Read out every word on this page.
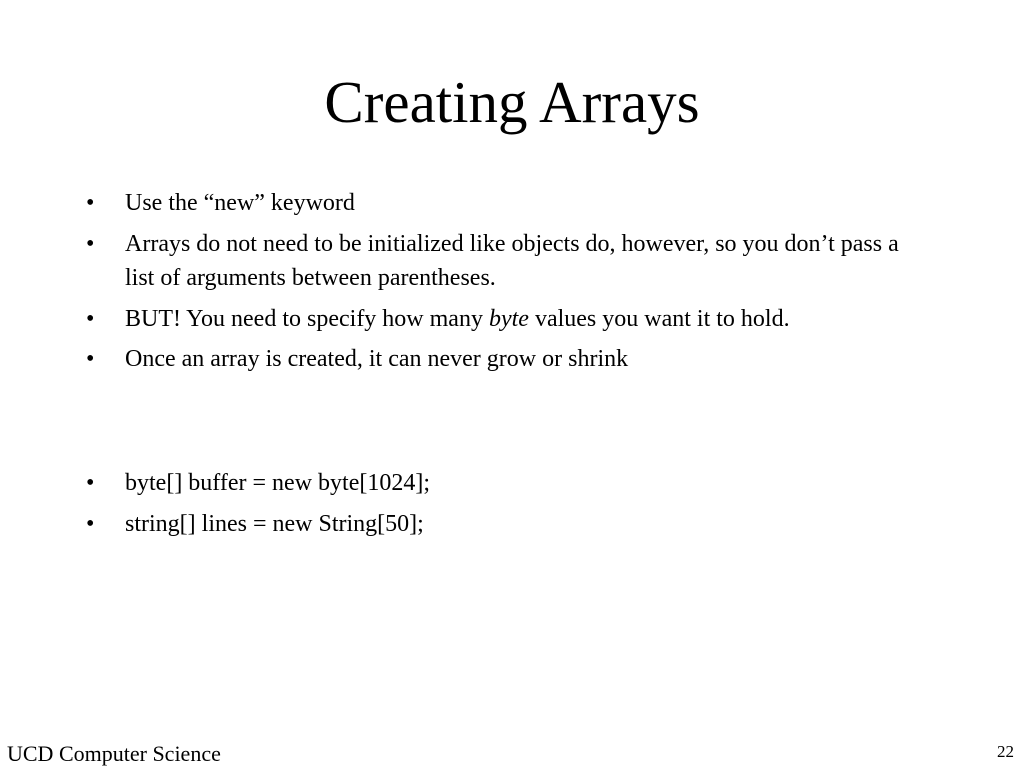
Creating Arrays
• Use the “new” keyword
• Arrays do not need to be initialized like objects do, however, so you don’t pass a list of arguments between parentheses.
• BUT! You need to specify how many byte values you want it to hold.
• Once an array is created, it can never grow or shrink
• byte[] buffer = new byte[1024];
• string[] lines = new String[50];
UCD Computer Science	22
